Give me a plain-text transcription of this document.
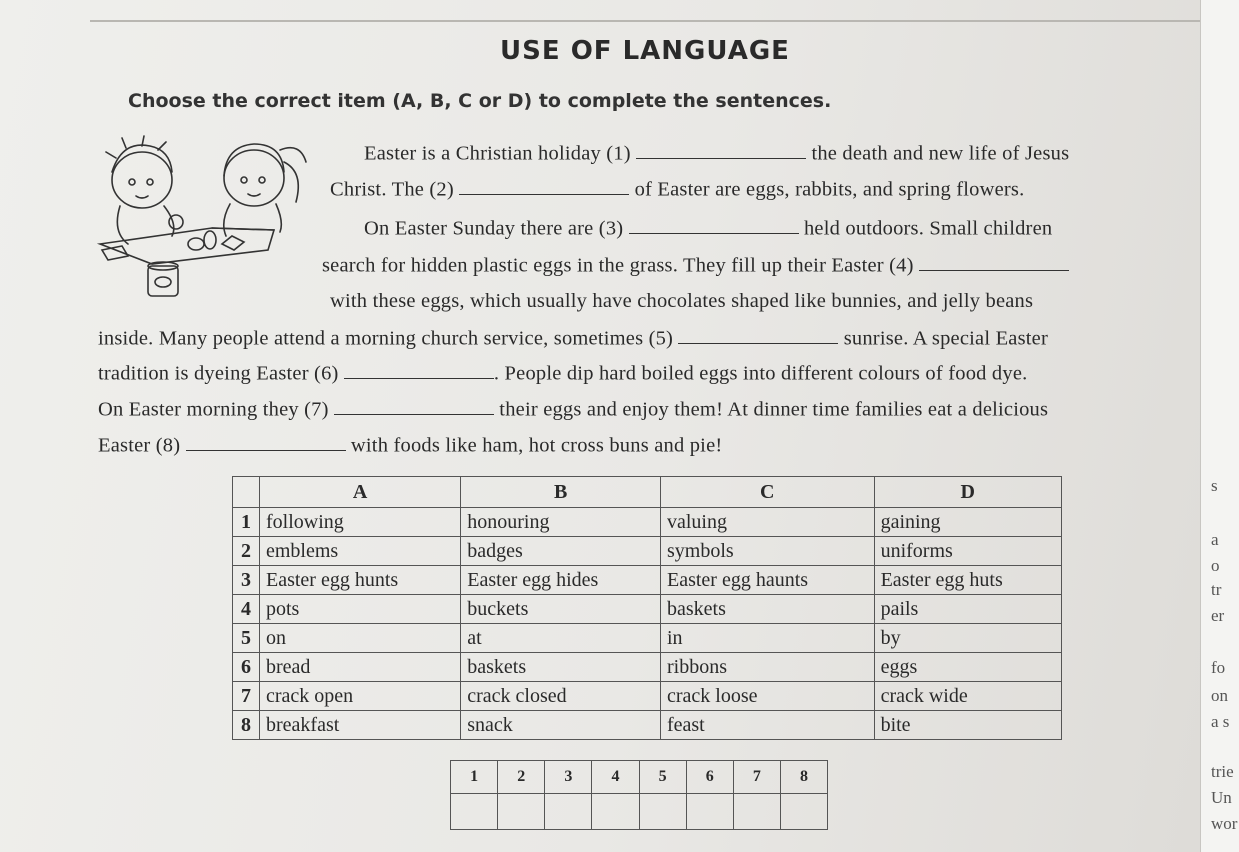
USE OF LANGUAGE

Choose the correct item (A, B, C or D) to complete the sentences.

Easter is a Christian holiday (1)	the death and new life of Jesus
Christ. The (2)	of Easter are eggs, rabbits, and spring flowers.
On Easter Sunday there are (3)	held outdoors. Small children
search for hidden plastic eggs in the grass. They fill up their Easter (4)
with these eggs, which usually have chocolates shaped like bunnies, and jelly beans
inside. Many people attend a morning church service, sometimes (5)	sunrise. A special Easter
tradition is dyeing Easter (6)	. People dip hard boiled eggs into different colours of food dye.
On Easter morning they (7)	their eggs and enjoy them! At dinner time families eat a delicious
Easter (8)	with foods like ham, hot cross buns and pie!
	A	B	C	D
1	following	honouring	valuing	gaining
2	emblems	badges	symbols	uniforms
3	Easter egg hunts	Easter egg hides	Easter egg haunts	Easter egg huts
4	pots	buckets	baskets	pails
5	on	at	in	by
6	bread	baskets	ribbons	eggs
7	crack open	crack closed	crack loose	crack wide
8	breakfast	snack	feast	bite
1	2	3	4	5	6	7	8

s
a
o
tr
er
fo
on
a s
trie
Un
wor
